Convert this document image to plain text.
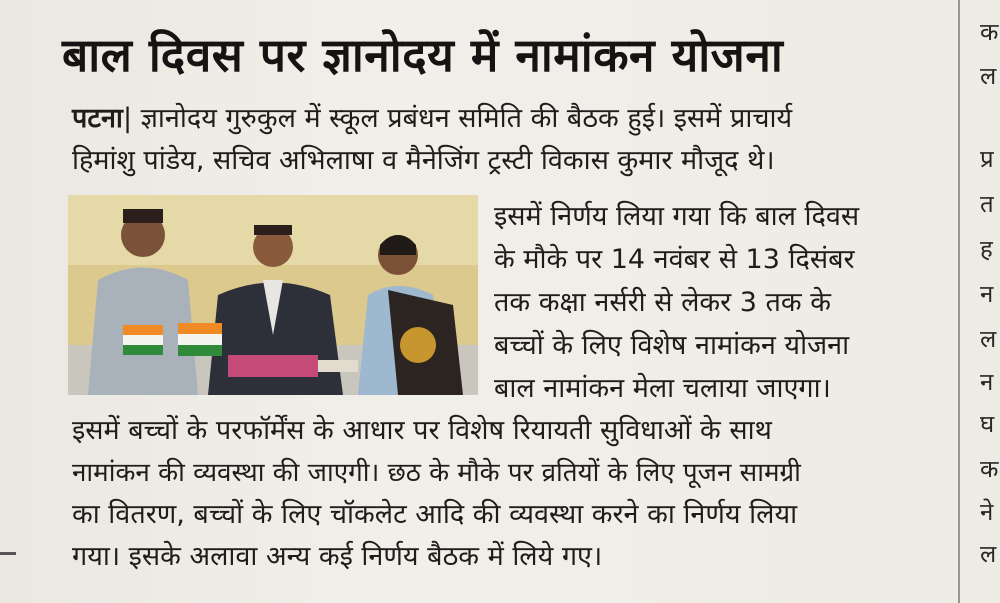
बाल दिवस पर ज्ञानोदय में नामांकन योजना
पटना| ज्ञानोदय गुरुकुल में स्कूल प्रबंधन समिति की बैठक हुई। इसमें प्राचार्य
हिमांशु पांडेय, सचिव अभिलाषा व मैनेजिंग ट्रस्टी विकास कुमार मौजूद थे।
इसमें निर्णय लिया गया कि बाल दिवस
के मौके पर 14 नवंबर से 13 दिसंबर
तक कक्षा नर्सरी से लेकर 3 तक के
बच्चों के लिए विशेष नामांकन योजना
बाल नामांकन मेला चलाया जाएगा।
इसमें बच्चों के परफॉर्मेंस के आधार पर विशेष रियायती सुविधाओं के साथ
नामांकन की व्यवस्था की जाएगी। छठ के मौके पर व्रतियों के लिए पूजन सामग्री
का वितरण, बच्चों के लिए चॉकलेट आदि की व्यवस्था करने का निर्णय लिया
गया। इसके अलावा अन्य कई निर्णय बैठक में लिये गए।
क
ल
प्र
त
ह
न
ल
न
घ
क
ने
ल
